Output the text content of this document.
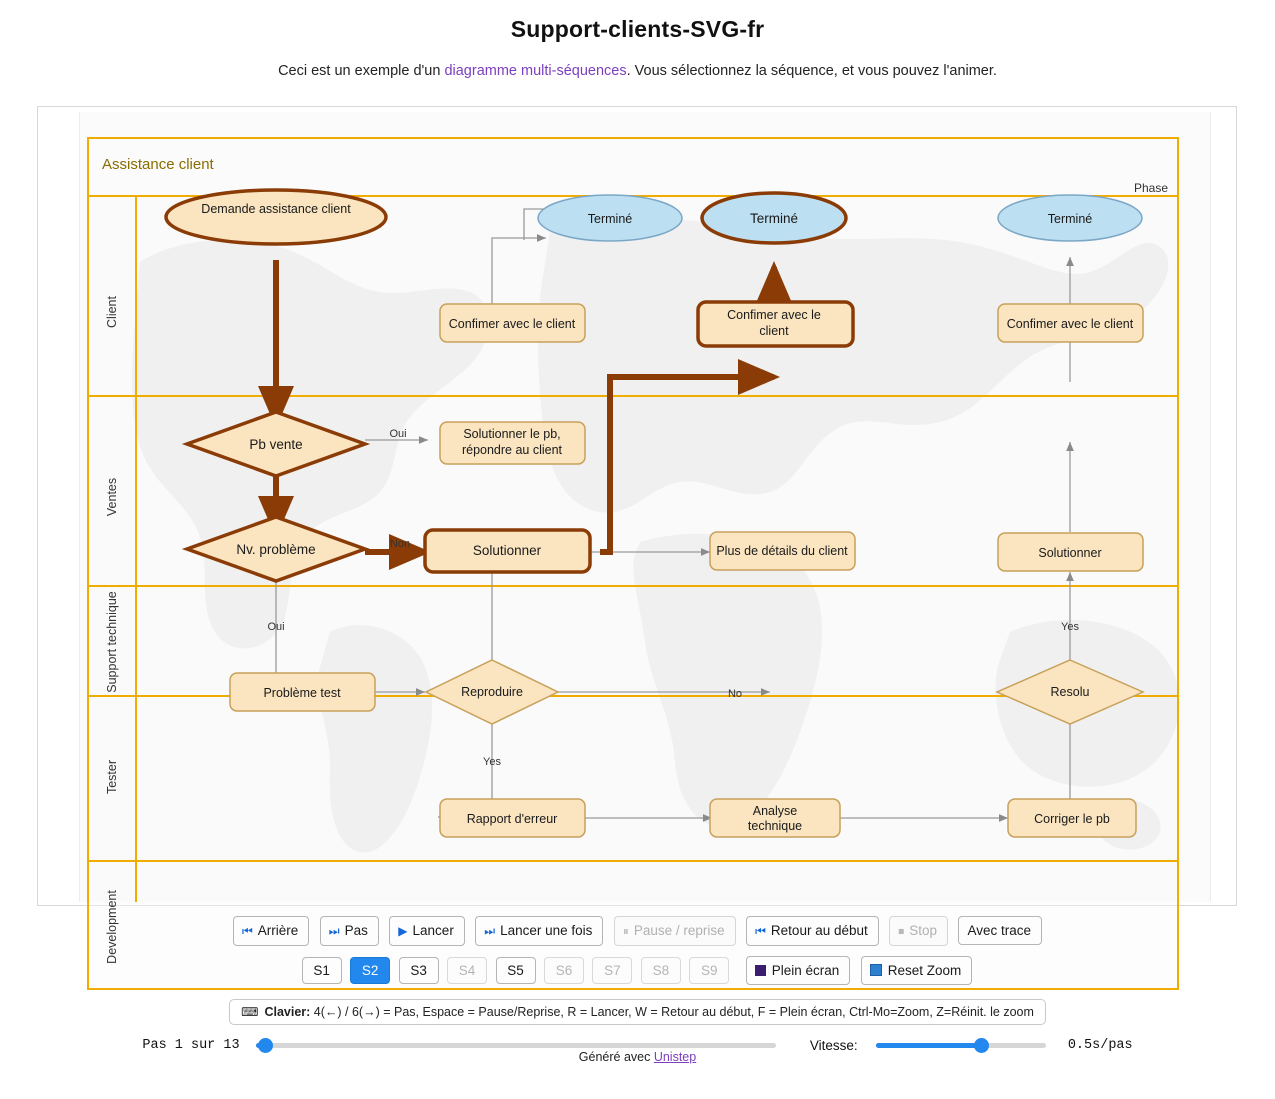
Support-clients-SVG-fr
Ceci est un exemple d'un diagramme multi-séquences. Vous sélectionnez la séquence, et vous pouvez l'animer.
Assistance client
Phase
Client
Ventes
Support technique
Tester
Development
Demande assistance client
Terminé	Terminé	Terminé
Confimer avec le client
Confimer avec le
client	Confimer avec le client
Pb vente
Solutionner le pb,
répondre au client
Nv. problème	Solutionner	Plus de détails du client	Solutionner
Problème test	Reproduire	Resolu
Rapport d'erreur
Analyse
technique	Corriger le pb
Oui
Non
Oui
No
Yes
Yes
⏮ Arrière	⏭ Pas	▶ Lancer	⏭ Lancer une fois	⏸ Pause / reprise	⏮ Retour au début	⏹ Stop Avec trace
S1 S2 S3 S4 S5 S6 S7 S8 S9	Plein écran	Reset Zoom
⌨ Clavier: 4(←) / 6(→) = Pas, Espace = Pause/Reprise, R = Lancer, W = Retour au début, F = Plein écran, Ctrl-Mo=Zoom, Z=Réinit. le zoom
Pas 1 sur 13	Vitesse:	0.5s/pas
Généré avec Unistep
